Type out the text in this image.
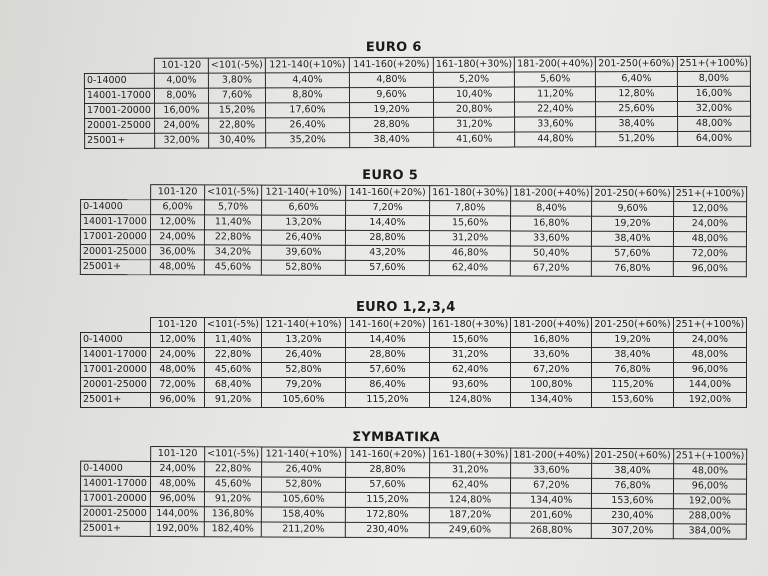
EURO 6
	101-120	<101(-5%)	121-140(+10%)	141-160(+20%)	161-180(+30%)	181-200(+40%)	201-250(+60%)	251+(+100%)
0-14000	4,00%	3,80%	4,40%	4,80%	5,20%	5,60%	6,40%	8,00%
14001-17000	8,00%	7,60%	8,80%	9,60%	10,40%	11,20%	12,80%	16,00%
17001-20000	16,00%	15,20%	17,60%	19,20%	20,80%	22,40%	25,60%	32,00%
20001-25000	24,00%	22,80%	26,40%	28,80%	31,20%	33,60%	38,40%	48,00%
25001+	32,00%	30,40%	35,20%	38,40%	41,60%	44,80%	51,20%	64,00%
EURO 5
	101-120	<101(-5%)	121-140(+10%)	141-160(+20%)	161-180(+30%)	181-200(+40%)	201-250(+60%)	251+(+100%)
0-14000	6,00%	5,70%	6,60%	7,20%	7,80%	8,40%	9,60%	12,00%
14001-17000	12,00%	11,40%	13,20%	14,40%	15,60%	16,80%	19,20%	24,00%
17001-20000	24,00%	22,80%	26,40%	28,80%	31,20%	33,60%	38,40%	48,00%
20001-25000	36,00%	34,20%	39,60%	43,20%	46,80%	50,40%	57,60%	72,00%
25001+	48,00%	45,60%	52,80%	57,60%	62,40%	67,20%	76,80%	96,00%
EURO 1,2,3,4
	101-120	<101(-5%)	121-140(+10%)	141-160(+20%)	161-180(+30%)	181-200(+40%)	201-250(+60%)	251+(+100%)
0-14000	12,00%	11,40%	13,20%	14,40%	15,60%	16,80%	19,20%	24,00%
14001-17000	24,00%	22,80%	26,40%	28,80%	31,20%	33,60%	38,40%	48,00%
17001-20000	48,00%	45,60%	52,80%	57,60%	62,40%	67,20%	76,80%	96,00%
20001-25000	72,00%	68,40%	79,20%	86,40%	93,60%	100,80%	115,20%	144,00%
25001+	96,00%	91,20%	105,60%	115,20%	124,80%	134,40%	153,60%	192,00%
ΣΥΜΒΑΤΙΚΑ
	101-120	<101(-5%)	121-140(+10%)	141-160(+20%)	161-180(+30%)	181-200(+40%)	201-250(+60%)	251+(+100%)
0-14000	24,00%	22,80%	26,40%	28,80%	31,20%	33,60%	38,40%	48,00%
14001-17000	48,00%	45,60%	52,80%	57,60%	62,40%	67,20%	76,80%	96,00%
17001-20000	96,00%	91,20%	105,60%	115,20%	124,80%	134,40%	153,60%	192,00%
20001-25000	144,00%	136,80%	158,40%	172,80%	187,20%	201,60%	230,40%	288,00%
25001+	192,00%	182,40%	211,20%	230,40%	249,60%	268,80%	307,20%	384,00%
